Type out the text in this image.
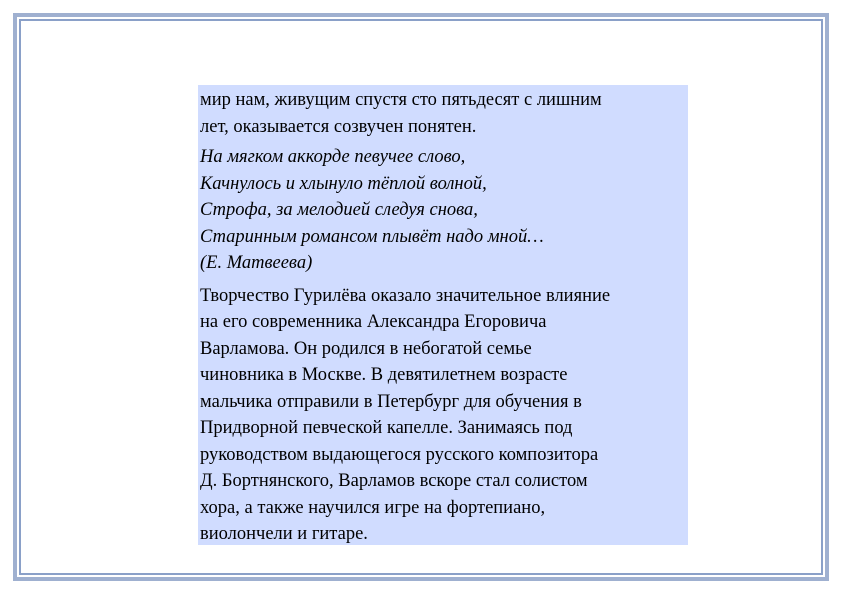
мир нам, живущим спустя сто пятьдесят с лишним
лет, оказывается созвучен понятен.

На мягком аккорде певучее слово,
Качнулось и хлынуло тёплой волной,
Строфа, за мелодией следуя снова,
Старинным романсом плывёт надо мной…
(Е. Матвеева)

Творчество Гурилёва оказало значительное влияние
на его современника Александра Егоровича
Варламова. Он родился в небогатой семье
чиновника в Москве. В девятилетнем возрасте
мальчика отправили в Петербург для обучения в
Придворной певческой капелле. Занимаясь под
руководством выдающегося русского композитора
Д. Бортнянского, Варламов вскоре стал солистом
хора, а также научился игре на фортепиано,
виолончели и гитаре.
